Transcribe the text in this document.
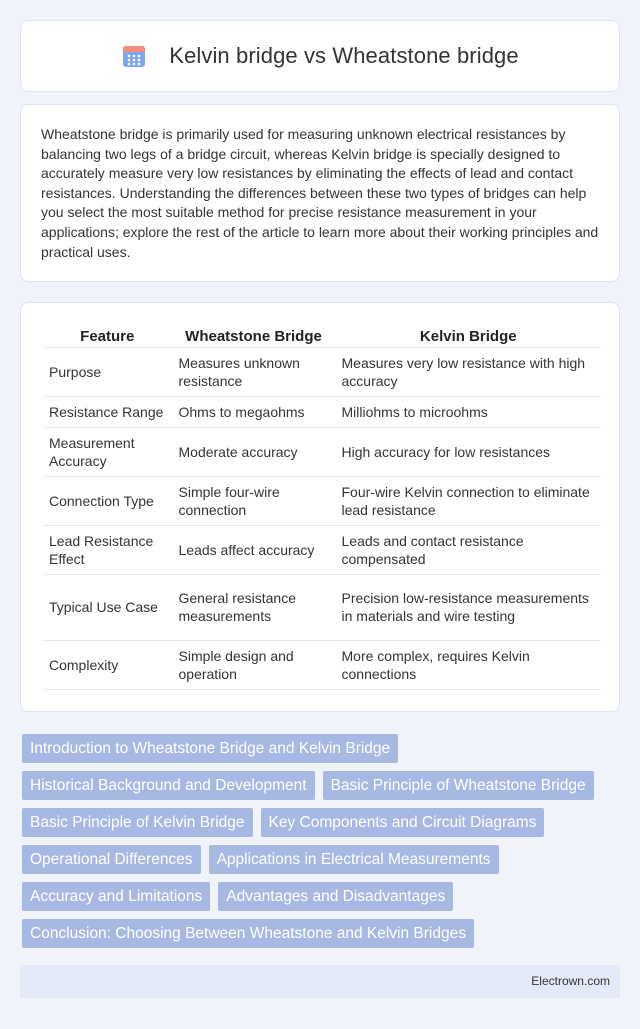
Kelvin bridge vs Wheatstone bridge

Wheatstone bridge is primarily used for measuring unknown electrical resistances by balancing two legs of a bridge circuit, whereas Kelvin bridge is specially designed to accurately measure very low resistances by eliminating the effects of lead and contact resistances. Understanding the differences between these two types of bridges can help you select the most suitable method for precise resistance measurement in your applications; explore the rest of the article to learn more about their working principles and practical uses.

Feature	Wheatstone Bridge	Kelvin Bridge
Purpose	Measures unknown resistance	Measures very low resistance with high accuracy
Resistance Range	Ohms to megaohms	Milliohms to microohms
Measurement Accuracy	Moderate accuracy	High accuracy for low resistances
Connection Type	Simple four-wire connection	Four-wire Kelvin connection to eliminate lead resistance
Lead Resistance Effect	Leads affect accuracy	Leads and contact resistance compensated
Typical Use Case	General resistance measurements	Precision low-resistance measurements in materials and wire testing
Complexity	Simple design and operation	More complex, requires Kelvin connections
Introduction to Wheatstone Bridge and Kelvin Bridge
Historical Background and Development	Basic Principle of Wheatstone Bridge
Basic Principle of Kelvin Bridge	Key Components and Circuit Diagrams
Operational Differences	Applications in Electrical Measurements
Accuracy and Limitations	Advantages and Disadvantages
Conclusion: Choosing Between Wheatstone and Kelvin Bridges
Electrown.com
